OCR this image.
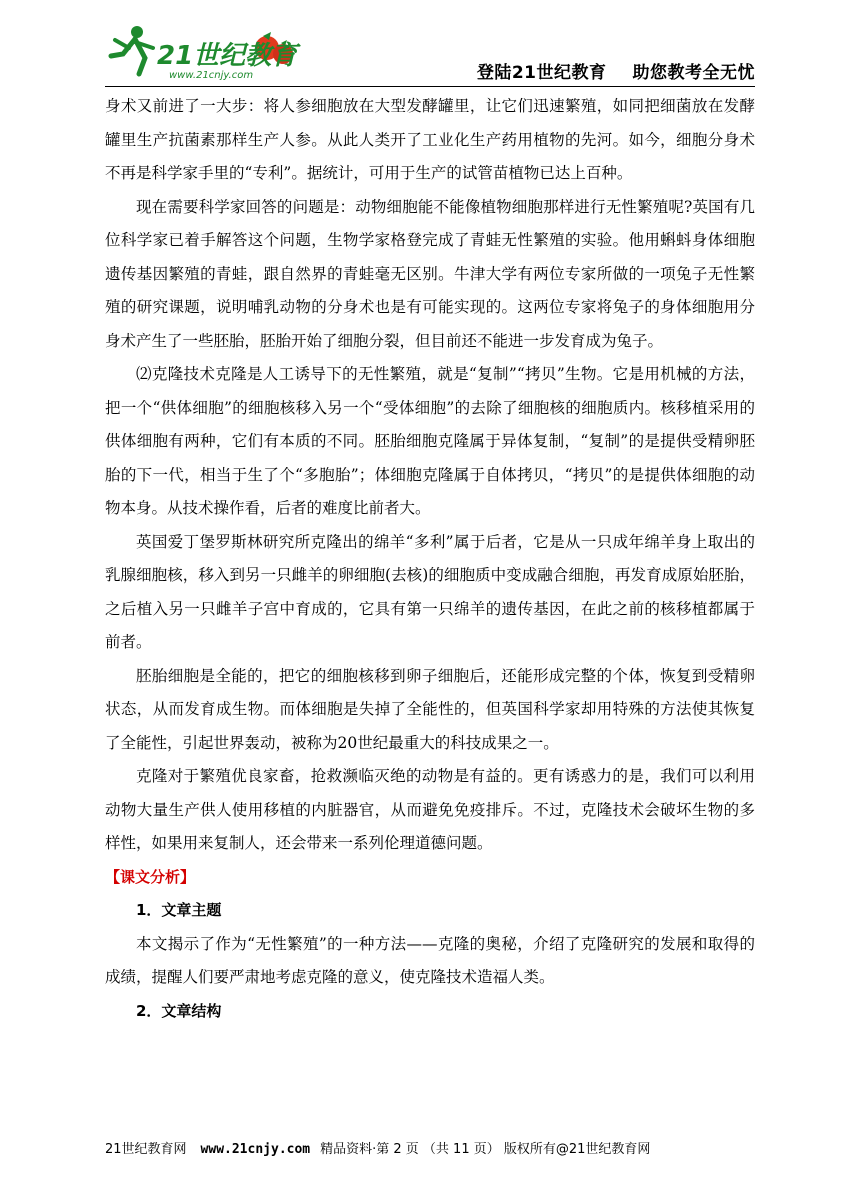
21世纪教育
www.21cnjy.com	登陆21世纪教育 助您教考全无忧

身术又前进了一大步：将人参细胞放在大型发酵罐里，让它们迅速繁殖，如同把细菌放在发酵罐里生产抗菌素那样生产人参。从此人类开了工业化生产药用植物的先河。如今，细胞分身术不再是科学家手里的“专利”。据统计，可用于生产的试管苗植物已达上百种。

现在需要科学家回答的问题是：动物细胞能不能像植物细胞那样进行无性繁殖呢?英国有几位科学家已着手解答这个问题，生物学家格登完成了青蛙无性繁殖的实验。他用蝌蚪身体细胞遗传基因繁殖的青蛙，跟自然界的青蛙毫无区别。牛津大学有两位专家所做的一项兔子无性繁殖的研究课题，说明哺乳动物的分身术也是有可能实现的。这两位专家将兔子的身体细胞用分身术产生了一些胚胎，胚胎开始了细胞分裂，但目前还不能进一步发育成为兔子。

⑵克隆技术克隆是人工诱导下的无性繁殖，就是“复制”“拷贝”生物。它是用机械的方法，把一个“供体细胞”的细胞核移入另一个“受体细胞”的去除了细胞核的细胞质内。核移植采用的供体细胞有两种，它们有本质的不同。胚胎细胞克隆属于异体复制，“复制”的是提供受精卵胚胎的下一代，相当于生了个“多胞胎”；体细胞克隆属于自体拷贝，“拷贝”的是提供体细胞的动物本身。从技术操作看，后者的难度比前者大。

英国爱丁堡罗斯林研究所克隆出的绵羊“多利”属于后者，它是从一只成年绵羊身上取出的乳腺细胞核，移入到另一只雌羊的卵细胞(去核)的细胞质中变成融合细胞，再发育成原始胚胎，之后植入另一只雌羊子宫中育成的，它具有第一只绵羊的遗传基因，在此之前的核移植都属于前者。

胚胎细胞是全能的，把它的细胞核移到卵子细胞后，还能形成完整的个体，恢复到受精卵状态，从而发育成生物。而体细胞是失掉了全能性的，但英国科学家却用特殊的方法使其恢复了全能性，引起世界轰动，被称为20世纪最重大的科技成果之一。

克隆对于繁殖优良家畜，抢救濒临灭绝的动物是有益的。更有诱惑力的是，我们可以利用动物大量生产供人使用移植的内脏器官，从而避免免疫排斥。不过，克隆技术会破坏生物的多样性，如果用来复制人，还会带来一系列伦理道德问题。

【课文分析】
1．文章主题

本文揭示了作为“无性繁殖”的一种方法——克隆的奥秘，介绍了克隆研究的发展和取得的成绩，提醒人们要严肃地考虑克隆的意义，使克隆技术造福人类。

2．文章结构
21世纪教育网 www.21cnjy.com 精品资料·第 2 页 （共 11 页） 版权所有@21世纪教育网
